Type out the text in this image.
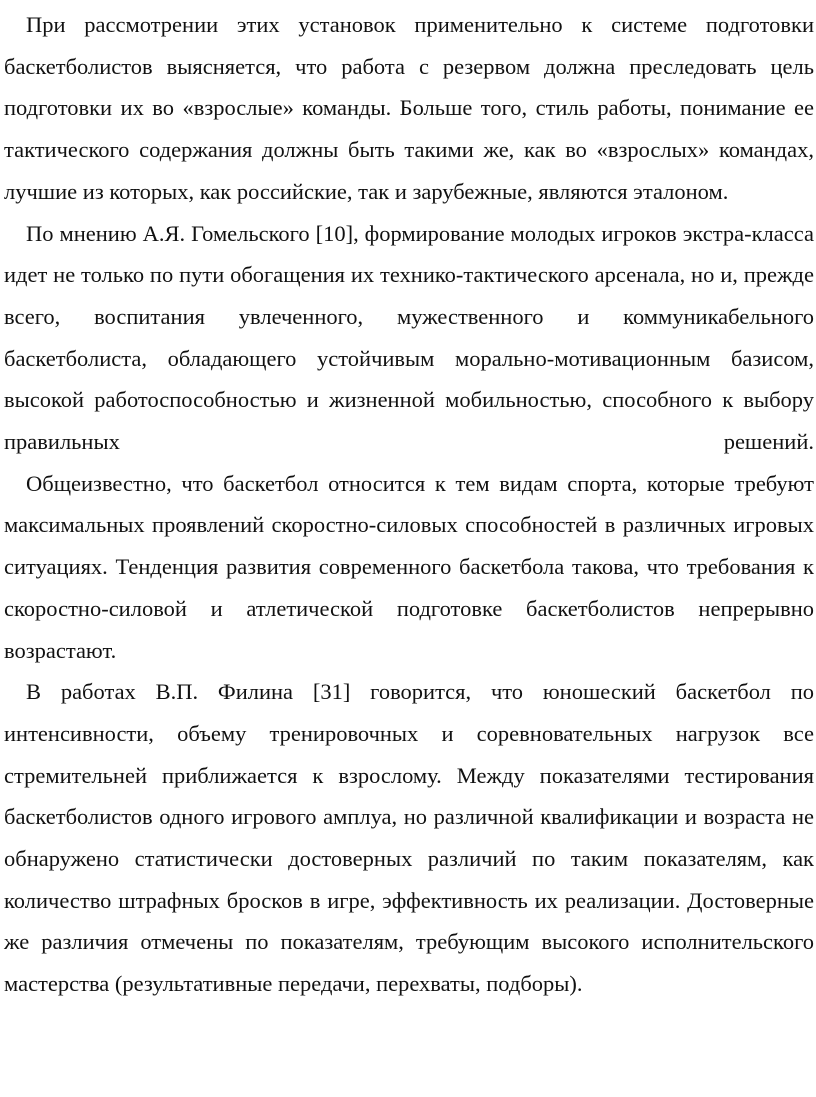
При рассмотрении этих установок применительно к системе подготовки баскетболистов выясняется, что работа с резервом должна преследовать цель подготовки их во «взрослые» команды. Больше того, стиль работы, понимание ее тактического содержания должны быть такими же, как во «взрослых» командах, лучшие из которых, как российские, так и зарубежные, являются эталоном.

По мнению А.Я. Гомельского [10], формирование молодых игроков экстра-класса идет не только по пути обогащения их технико-тактического арсенала, но и, прежде всего, воспитания увлеченного, мужественного и коммуникабельного баскетболиста, обладающего устойчивым морально-мотивационным базисом, высокой работоспособностью и жизненной мобильностью, способного к выбору правильных решений.

Общеизвестно, что баскетбол относится к тем видам спорта, которые требуют максимальных проявлений скоростно-силовых способностей в различных игровых ситуациях. Тенденция развития современного баскетбола такова, что требования к скоростно-силовой и атлетической подготовке баскетболистов непрерывно возрастают.

В работах В.П. Филина [31] говорится, что юношеский баскетбол по интенсивности, объему тренировочных и соревновательных нагрузок все стремительней приближается к взрослому. Между показателями тестирования баскетболистов одного игрового амплуа, но различной квалификации и возраста не обнаружено статистически достоверных различий по таким показателям, как количество штрафных бросков в игре, эффективность их реализации. Достоверные же различия отмечены по показателям, требующим высокого исполнительского мастерства (результативные передачи, перехваты, подборы).
